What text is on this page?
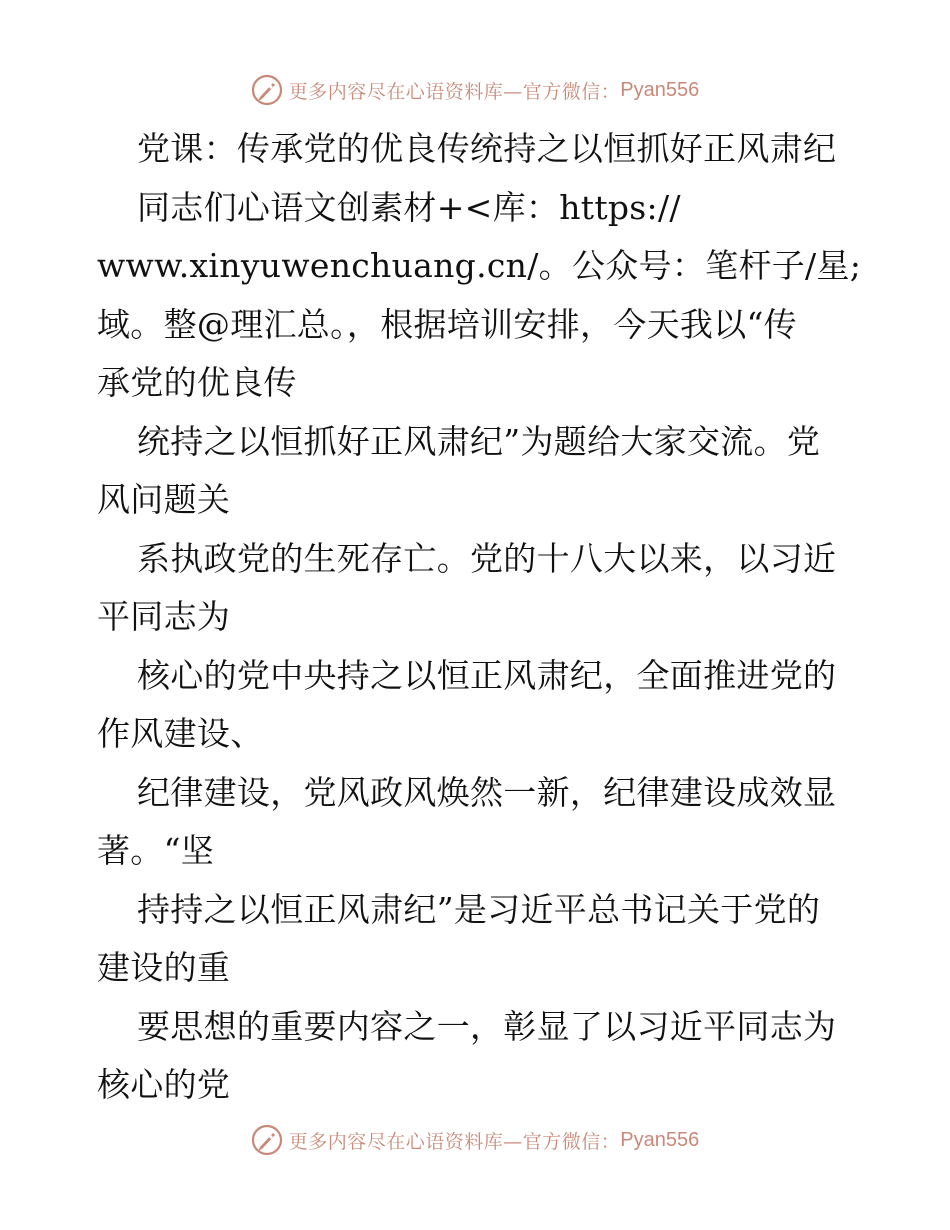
更多内容尽在心语资料库—官方微信： Pyan556
党课：传承党的优良传统持之以恒抓好正风肃纪
同志们心语文创素材+<库：https://
www.xinyuwenchuang.cn/。公众号：笔杆子/星;
域。整@理汇总。，根据培训安排，今天我以“传
承党的优良传
统持之以恒抓好正风肃纪”为题给大家交流。党
风问题关
系执政党的生死存亡。党的十八大以来，以习近
平同志为
核心的党中央持之以恒正风肃纪，全面推进党的
作风建设、
纪律建设，党风政风焕然一新，纪律建设成效显
著。“坚
持持之以恒正风肃纪”是习近平总书记关于党的
建设的重
要思想的重要内容之一，彰显了以习近平同志为
核心的党
更多内容尽在心语资料库—官方微信： Pyan556
